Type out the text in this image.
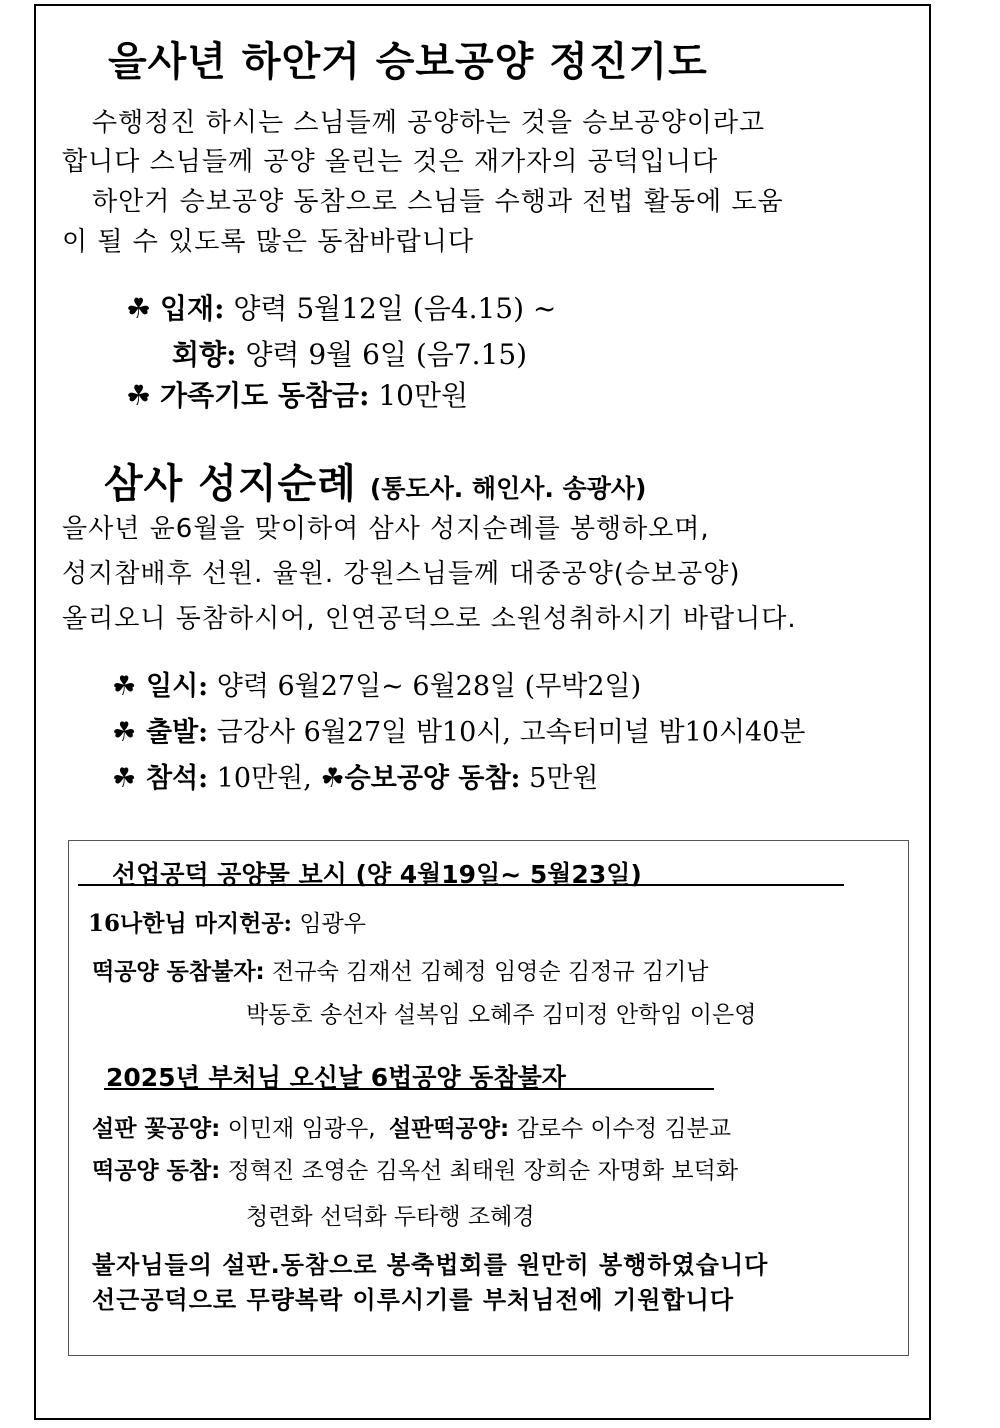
을사년 하안거 승보공양 정진기도
수행정진 하시는 스님들께 공양하는 것을 승보공양이라고
합니다 스님들께 공양 올린는 것은 재가자의 공덕입니다
하안거 승보공양 동참으로 스님들 수행과 전법 활동에 도움
이 될 수 있도록 많은 동참바랍니다
☘ 입재: 양력 5월12일 (음4.15) ~
회향: 양력 9월 6일 (음7.15)
☘ 가족기도 동참금: 10만원
삼사 성지순례 (통도사. 해인사. 송광사)
을사년 윤6월을 맞이하여 삼사 성지순례를 봉행하오며,
성지참배후 선원. 율원. 강원스님들께 대중공양(승보공양)
올리오니 동참하시어, 인연공덕으로 소원성취하시기 바랍니다.
☘ 일시: 양력 6월27일~ 6월28일 (무박2일)
☘ 출발: 금강사 6월27일 밤10시, 고속터미널 밤10시40분
☘ 참석: 10만원, ☘승보공양 동참: 5만원
선업공덕 공양물 보시 (양 4월19일~ 5월23일)
16나한님 마지헌공: 임광우
떡공양 동참불자: 전규숙 김재선 김혜정 임영순 김정규 김기남
박동호 송선자 설복임 오혜주 김미정 안학임 이은영
2025년 부처님 오신날 6법공양 동참불자
설판 꽃공양: 이민재 임광우, 설판떡공양: 감로수 이수정 김분교
떡공양 동참: 정혁진 조영순 김옥선 최태원 장희순 자명화 보덕화
청련화 선덕화 두타행 조혜경
불자님들의 설판.동참으로 봉축법회를 원만히 봉행하였습니다
선근공덕으로 무량복락 이루시기를 부처님전에 기원합니다
